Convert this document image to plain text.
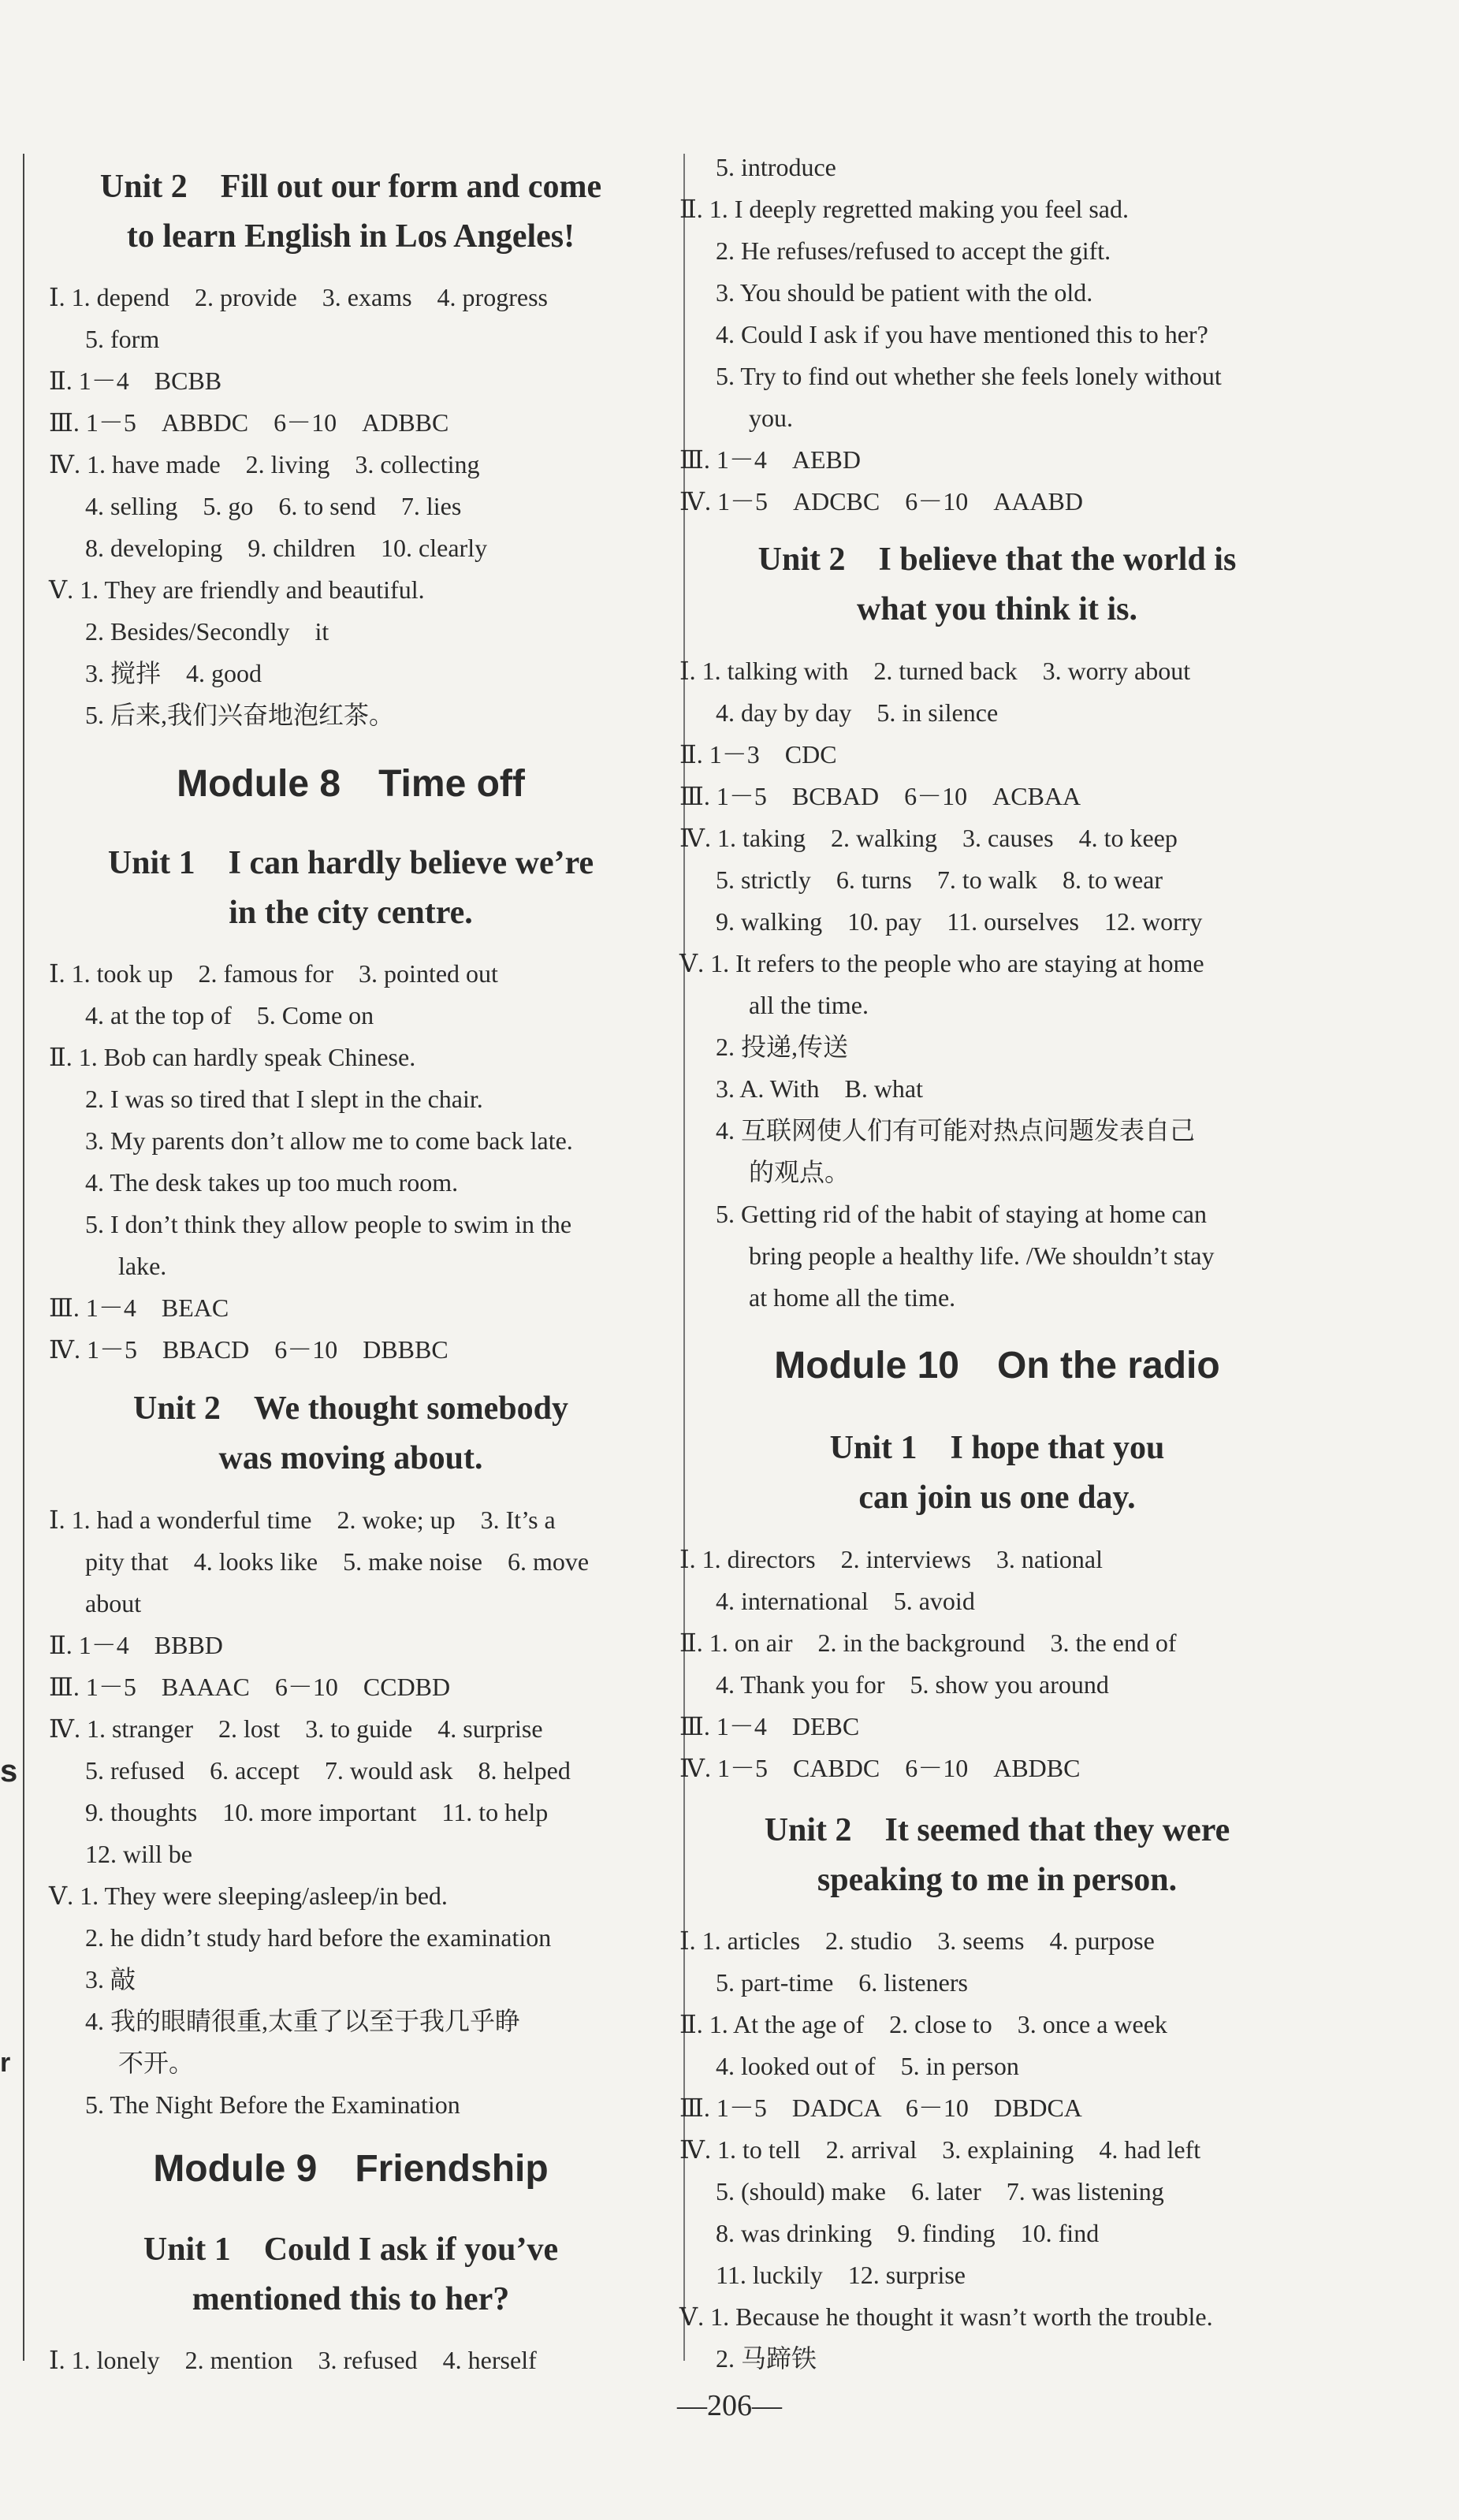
s
r
Unit 2　Fill out our form and come
to learn English in Los Angeles!
Ⅰ. 1. depend　2. provide　3. exams　4. progress
5. form
Ⅱ. 1－4　BCBB
Ⅲ. 1－5　ABBDC　6－10　ADBBC
Ⅳ. 1. have made　2. living　3. collecting
4. selling　5. go　6. to send　7. lies
8. developing　9. children　10. clearly
Ⅴ. 1. They are friendly and beautiful.
2. Besides/Secondly　it
3. 搅拌　4. good
5. 后来,我们兴奋地泡红茶。
Module 8　Time off
Unit 1　I can hardly believe we’re
in the city centre.
Ⅰ. 1. took up　2. famous for　3. pointed out
4. at the top of　5. Come on
Ⅱ. 1. Bob can hardly speak Chinese.
2. I was so tired that I slept in the chair.
3. My parents don’t allow me to come back late.
4. The desk takes up too much room.
5. I don’t think they allow people to swim in the
lake.
Ⅲ. 1－4　BEAC
Ⅳ. 1－5　BBACD　6－10　DBBBC
Unit 2　We thought somebody
was moving about.
Ⅰ. 1. had a wonderful time　2. woke; up　3. It’s a
pity that　4. looks like　5. make noise　6. move
about
Ⅱ. 1－4　BBBD
Ⅲ. 1－5　BAAAC　6－10　CCDBD
Ⅳ. 1. stranger　2. lost　3. to guide　4. surprise
5. refused　6. accept　7. would ask　8. helped
9. thoughts　10. more important　11. to help
12. will be
Ⅴ. 1. They were sleeping/asleep/in bed.
2. he didn’t study hard before the examination
3. 敲
4. 我的眼睛很重,太重了以至于我几乎睁
不开。
5. The Night Before the Examination
Module 9　Friendship
Unit 1　Could I ask if you’ve
mentioned this to her?
Ⅰ. 1. lonely　2. mention　3. refused　4. herself
5. introduce
Ⅱ. 1. I deeply regretted making you feel sad.
2. He refuses/refused to accept the gift.
3. You should be patient with the old.
4. Could I ask if you have mentioned this to her?
5. Try to find out whether she feels lonely without
you.
Ⅲ. 1－4　AEBD
Ⅳ. 1－5　ADCBC　6－10　AAABD
Unit 2　I believe that the world is
what you think it is.
Ⅰ. 1. talking with　2. turned back　3. worry about
4. day by day　5. in silence
Ⅱ. 1－3　CDC
Ⅲ. 1－5　BCBAD　6－10　ACBAA
Ⅳ. 1. taking　2. walking　3. causes　4. to keep
5. strictly　6. turns　7. to walk　8. to wear
9. walking　10. pay　11. ourselves　12. worry
Ⅴ. 1. It refers to the people who are staying at home
all the time.
2. 投递,传送
3. A. With　B. what
4. 互联网使人们有可能对热点问题发表自己
的观点。
5. Getting rid of the habit of staying at home can
bring people a healthy life. /We shouldn’t stay
at home all the time.
Module 10　On the radio
Unit 1　I hope that you
can join us one day.
Ⅰ. 1. directors　2. interviews　3. national
4. international　5. avoid
Ⅱ. 1. on air　2. in the background　3. the end of
4. Thank you for　5. show you around
Ⅲ. 1－4　DEBC
Ⅳ. 1－5　CABDC　6－10　ABDBC
Unit 2　It seemed that they were
speaking to me in person.
Ⅰ. 1. articles　2. studio　3. seems　4. purpose
5. part-time　6. listeners
Ⅱ. 1. At the age of　2. close to　3. once a week
4. looked out of　5. in person
Ⅲ. 1－5　DADCA　6－10　DBDCA
Ⅳ. 1. to tell　2. arrival　3. explaining　4. had left
5. (should) make　6. later　7. was listening
8. was drinking　9. finding　10. find
11. luckily　12. surprise
Ⅴ. 1. Because he thought it wasn’t worth the trouble.
2. 马蹄铁
—206—
